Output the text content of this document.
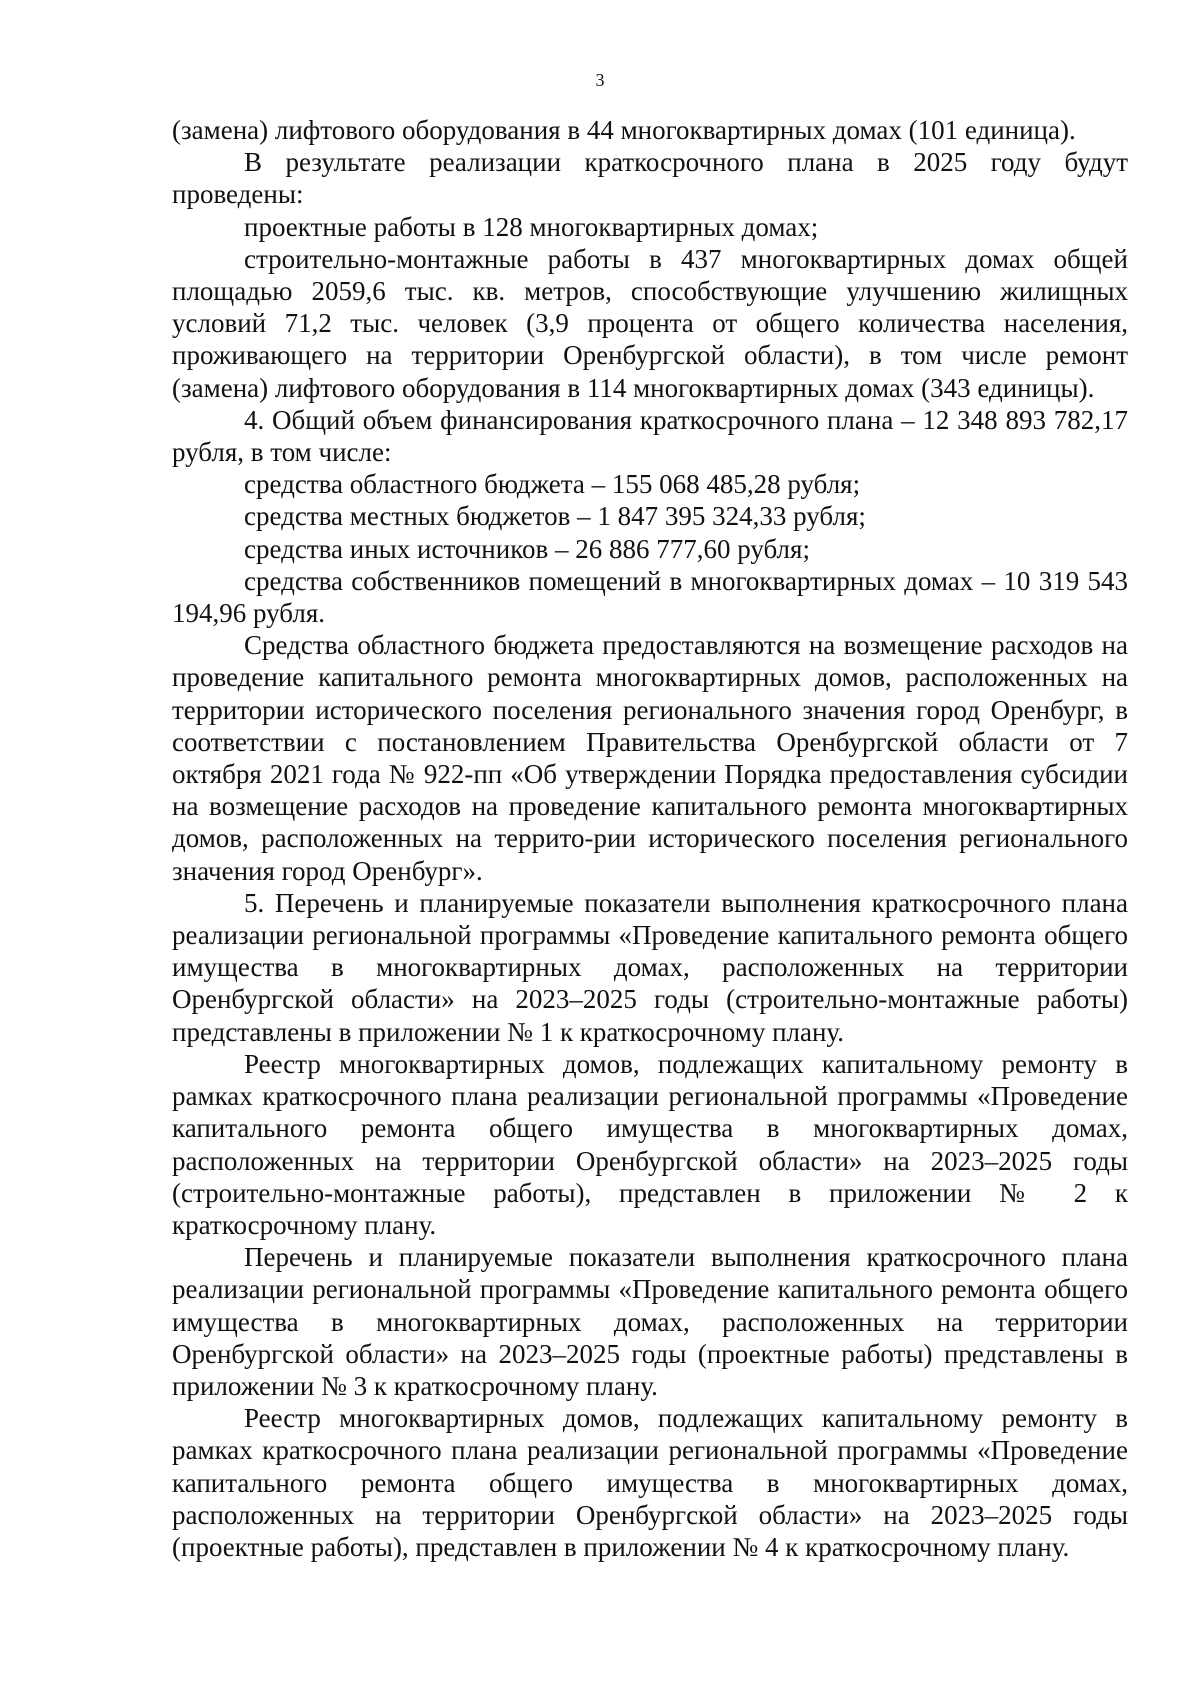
3

(замена) лифтового оборудования в 44 многоквартирных домах (101 единица).

В результате реализации краткосрочного плана в 2025 году будут проведены:

проектные работы в 128 многоквартирных домах;

строительно-монтажные работы в 437 многоквартирных домах общей площадью 2059,6 тыс. кв. метров, способствующие улучшению жилищных условий 71,2 тыс. человек (3,9 процента от общего количества населения, проживающего на территории Оренбургской области), в том числе ремонт (замена) лифтового оборудования в 114 многоквартирных домах (343 единицы).

4. Общий объем финансирования краткосрочного плана – 12 348 893 782,17 рубля, в том числе:

средства областного бюджета – 155 068 485,28 рубля;

средства местных бюджетов – 1 847 395 324,33 рубля;

средства иных источников – 26 886 777,60 рубля;

средства собственников помещений в многоквартирных домах – 10 319 543 194,96 рубля.

Средства областного бюджета предоставляются на возмещение расходов на проведение капитального ремонта многоквартирных домов, расположенных на территории исторического поселения регионального значения город Оренбург, в соответствии с постановлением Правительства Оренбургской области от 7 октября 2021 года № 922-пп «Об утверждении Порядка предоставления субсидии на возмещение расходов на проведение капитального ремонта многоквартирных домов, расположенных на террито-рии исторического поселения регионального значения город Оренбург».

5. Перечень и планируемые показатели выполнения краткосрочного плана реализации региональной программы «Проведение капитального ремонта общего имущества в многоквартирных домах, расположенных на территории Оренбургской области» на 2023–2025 годы (строительно-монтажные работы) представлены в приложении № 1 к краткосрочному плану.

Реестр многоквартирных домов, подлежащих капитальному ремонту в рамках краткосрочного плана реализации региональной программы «Проведение капитального ремонта общего имущества в многоквартирных домах, расположенных на территории Оренбургской области» на 2023–2025 годы (строительно-монтажные работы), представлен в приложении № 2 к краткосрочному плану.

Перечень и планируемые показатели выполнения краткосрочного плана реализации региональной программы «Проведение капитального ремонта общего имущества в многоквартирных домах, расположенных на территории Оренбургской области» на 2023–2025 годы (проектные работы) представлены в приложении № 3 к краткосрочному плану.

Реестр многоквартирных домов, подлежащих капитальному ремонту в рамках краткосрочного плана реализации региональной программы «Проведение капитального ремонта общего имущества в многоквартирных домах, расположенных на территории Оренбургской области» на 2023–2025 годы (проектные работы), представлен в приложении № 4 к краткосрочному плану.
